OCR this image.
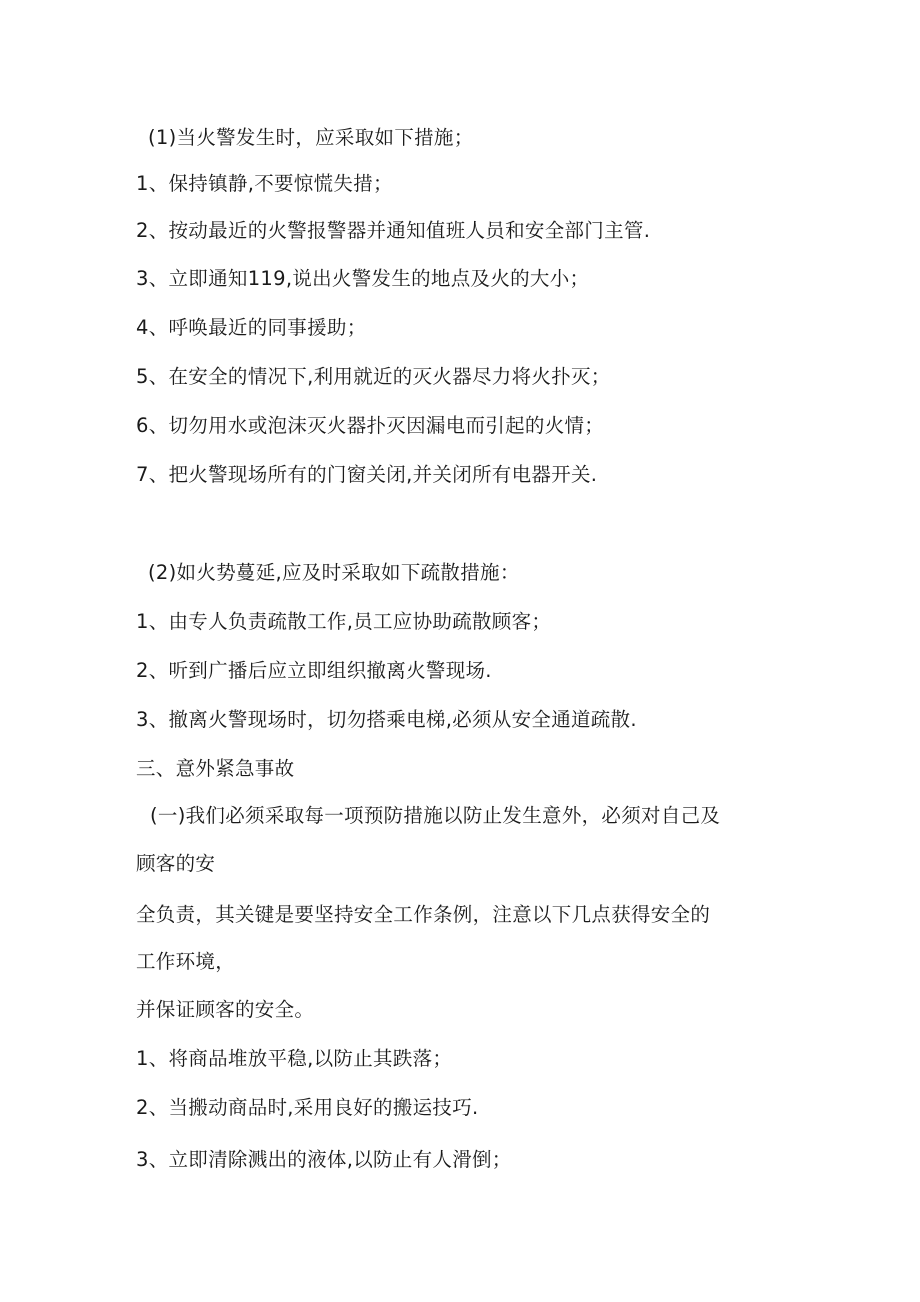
(1)当火警发生时，应采取如下措施；
1、保持镇静,不要惊慌失措；
2、按动最近的火警报警器并通知值班人员和安全部门主管.
3、立即通知119,说出火警发生的地点及火的大小；
4、呼唤最近的同事援助；
5、在安全的情况下,利用就近的灭火器尽力将火扑灭；
6、切勿用水或泡沫灭火器扑灭因漏电而引起的火情；
7、把火警现场所有的门窗关闭,并关闭所有电器开关.
(2)如火势蔓延,应及时采取如下疏散措施：
1、由专人负责疏散工作,员工应协助疏散顾客；
2、听到广播后应立即组织撤离火警现场.
3、撤离火警现场时，切勿搭乘电梯,必须从安全通道疏散.
三、意外紧急事故
(一)我们必须采取每一项预防措施以防止发生意外，必须对自己及
顾客的安
全负责，其关键是要坚持安全工作条例，注意以下几点获得安全的
工作环境，
并保证顾客的安全。
1、将商品堆放平稳,以防止其跌落；
2、当搬动商品时,采用良好的搬运技巧.
3、立即清除溅出的液体,以防止有人滑倒；
